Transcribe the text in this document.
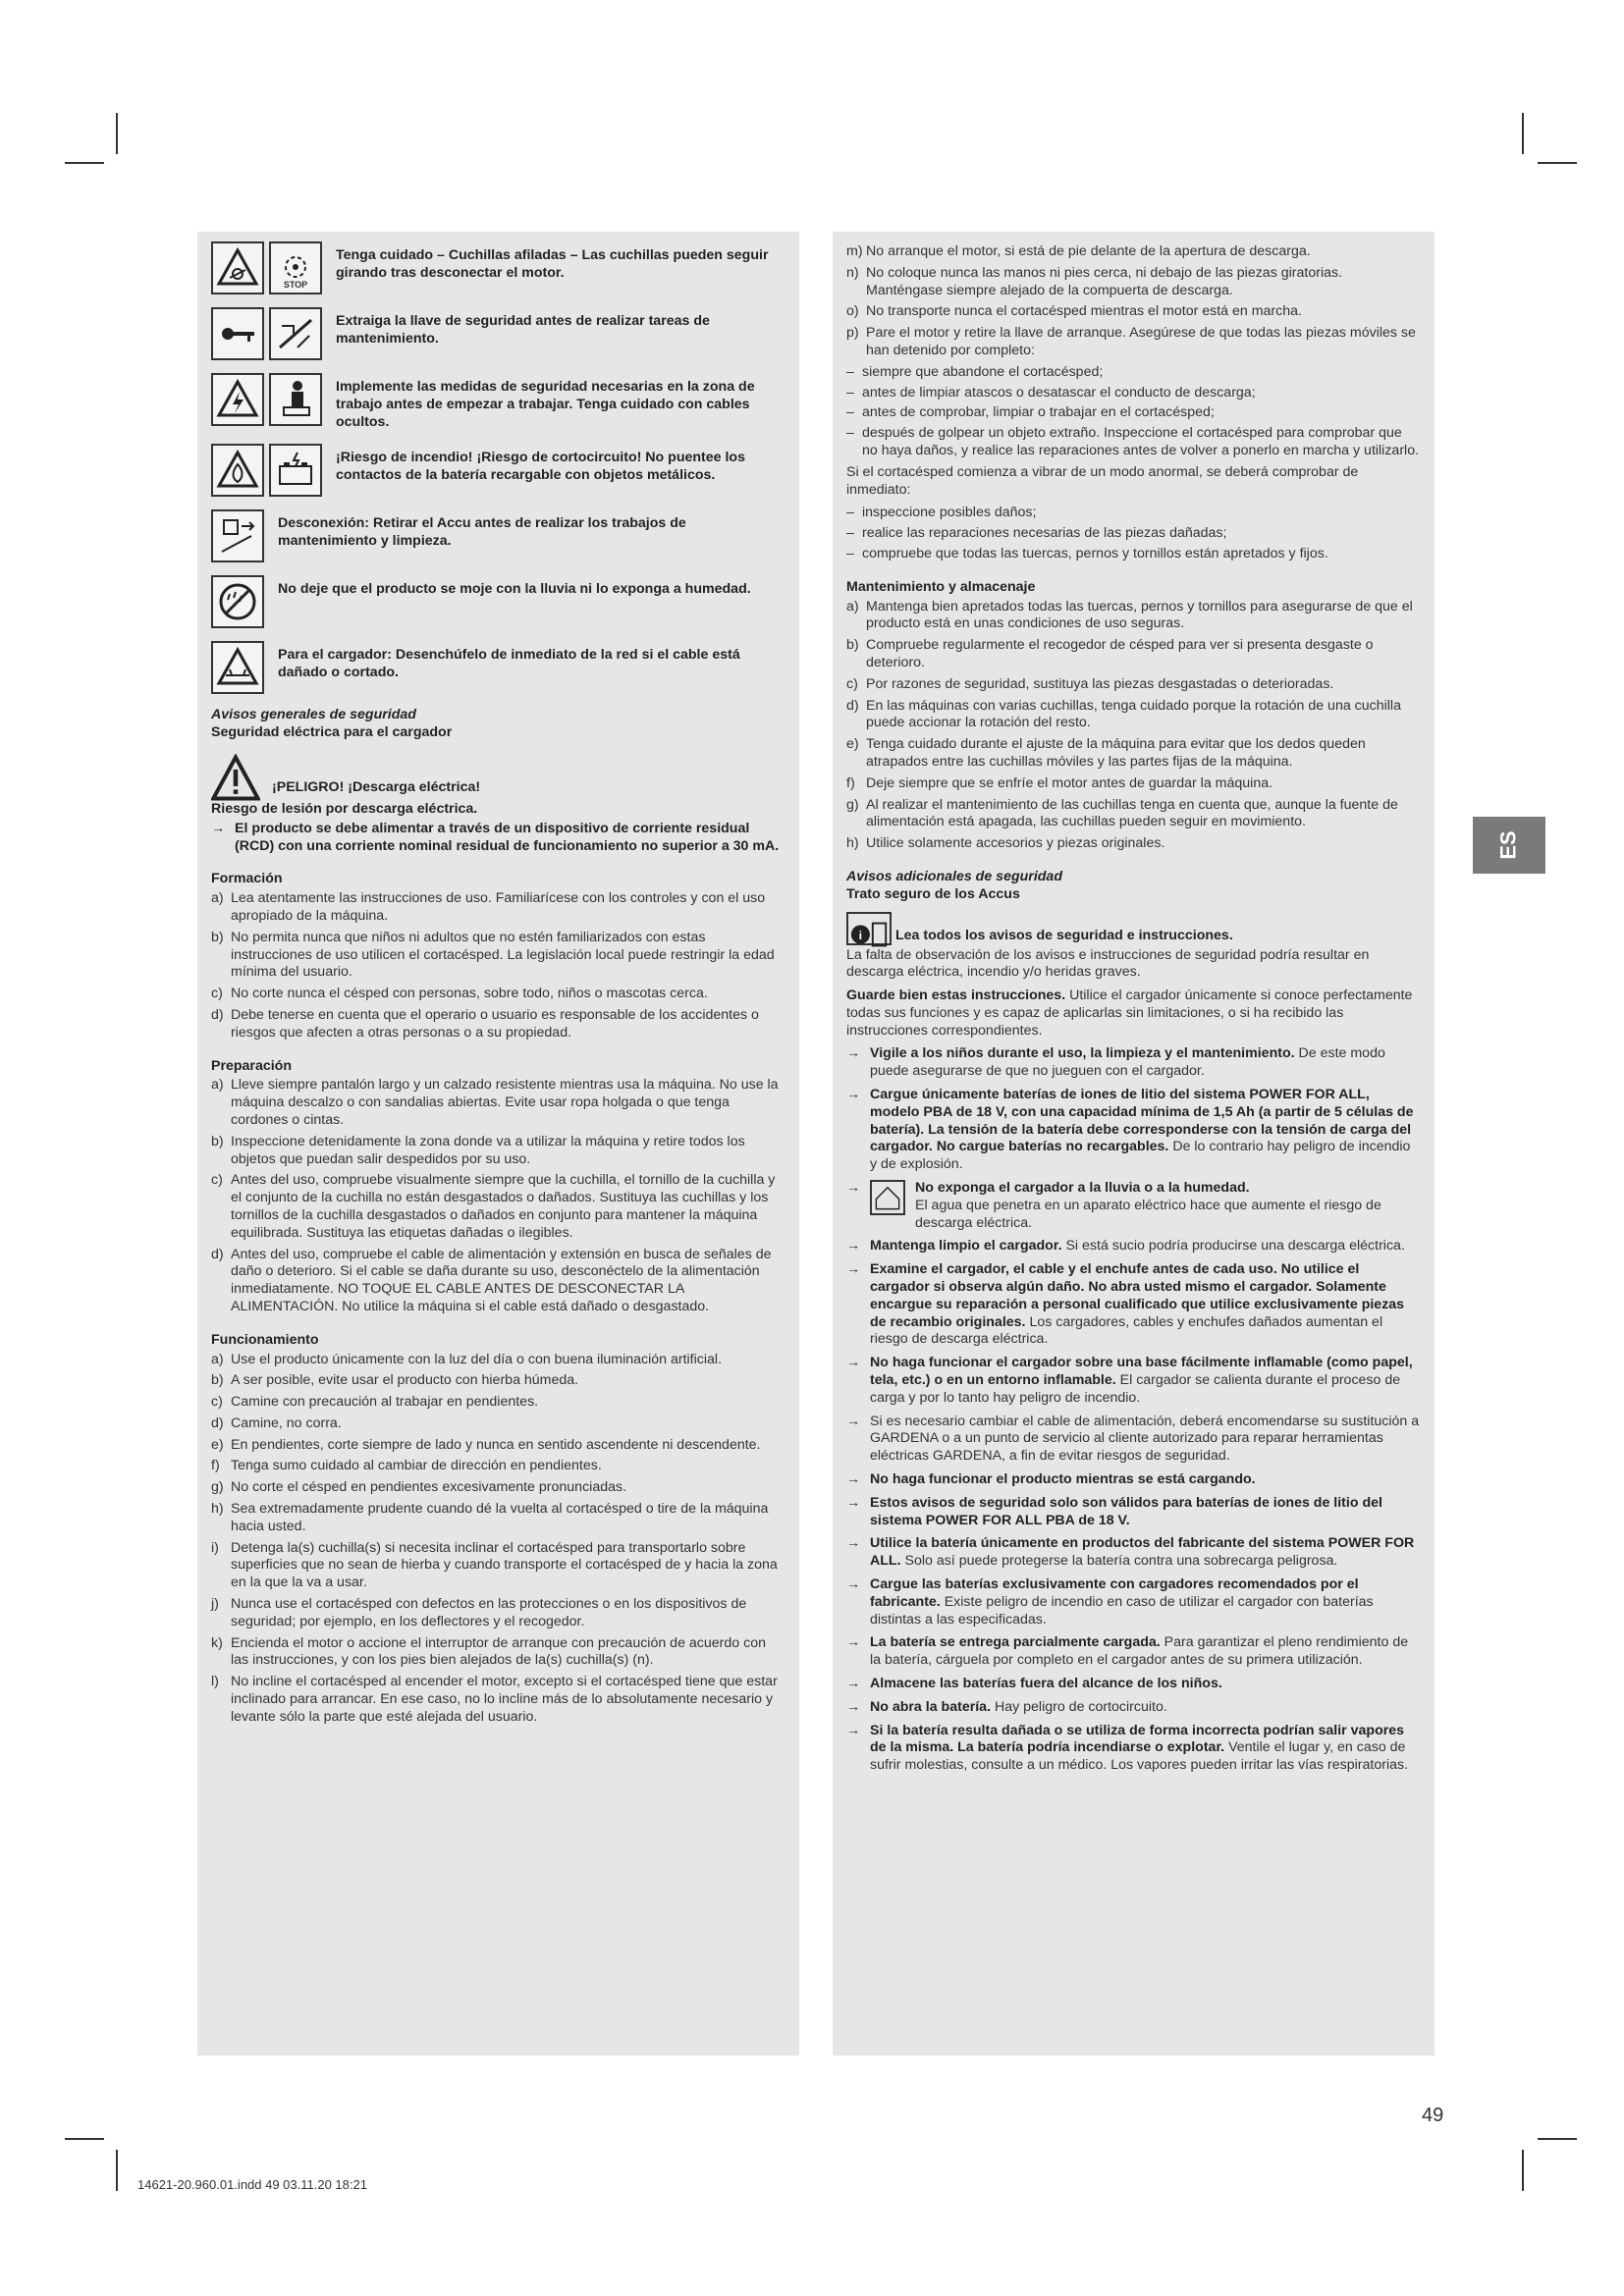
STOP
Tenga cuidado – Cuchillas afiladas – Las cuchillas pueden seguir girando tras desconectar el motor.
Extraiga la llave de seguridad antes de realizar tareas de mantenimiento.
Implemente las medidas de seguridad necesarias en la zona de trabajo antes de empezar a trabajar. Tenga cuidado con cables ocultos.
¡Riesgo de incendio! ¡Riesgo de cortocircuito! No puentee los contactos de la batería recargable con objetos metálicos.
Desconexión: Retirar el Accu antes de realizar los trabajos de mantenimiento y limpieza.
No deje que el producto se moje con la lluvia ni lo exponga a humedad.
Para el cargador: Desenchúfelo de inmediato de la red si el cable está dañado o cortado.
Avisos generales de seguridad
Seguridad eléctrica para el cargador
¡PELIGRO! ¡Descarga eléctrica!
Riesgo de lesión por descarga eléctrica.
→ El producto se debe alimentar a través de un dispositivo de corriente residual (RCD) con una corriente nominal residual de funcionamiento no superior a 30 mA.
Formación
a) Lea atentamente las instrucciones de uso. Familiarícese con los controles y con el uso apropiado de la máquina.
b) No permita nunca que niños ni adultos que no estén familiarizados con estas instrucciones de uso utilicen el cortacésped. La legislación local puede restringir la edad mínima del usuario.
c) No corte nunca el césped con personas, sobre todo, niños o mascotas cerca.
d) Debe tenerse en cuenta que el operario o usuario es responsable de los accidentes o riesgos que afecten a otras personas o a su propiedad.
Preparación
a) Lleve siempre pantalón largo y un calzado resistente mientras usa la máquina. No use la máquina descalzo o con sandalias abiertas. Evite usar ropa holgada o que tenga cordones o cintas.
b) Inspeccione detenidamente la zona donde va a utilizar la máquina y retire todos los objetos que puedan salir despedidos por su uso.
c) Antes del uso, compruebe visualmente siempre que la cuchilla, el tornillo de la cuchilla y el conjunto de la cuchilla no están desgastados o dañados. Sustituya las cuchillas y los tornillos de la cuchilla desgastados o dañados en conjunto para mantener la máquina equilibrada. Sustituya las etiquetas dañadas o ilegibles.
d) Antes del uso, compruebe el cable de alimentación y extensión en busca de señales de daño o deterioro. Si el cable se daña durante su uso, desconéctelo de la alimentación inmediatamente. NO TOQUE EL CABLE ANTES DE DESCONECTAR LA ALIMENTACIÓN. No utilice la máquina si el cable está dañado o desgastado.
Funcionamiento
a) Use el producto únicamente con la luz del día o con buena iluminación artificial.
b) A ser posible, evite usar el producto con hierba húmeda.
c) Camine con precaución al trabajar en pendientes.
d) Camine, no corra.
e) En pendientes, corte siempre de lado y nunca en sentido ascendente ni descendente.
f) Tenga sumo cuidado al cambiar de dirección en pendientes.
g) No corte el césped en pendientes excesivamente pronunciadas.
h) Sea extremadamente prudente cuando dé la vuelta al cortacésped o tire de la máquina hacia usted.
i) Detenga la(s) cuchilla(s) si necesita inclinar el cortacésped para transportarlo sobre superficies que no sean de hierba y cuando transporte el cortacésped de y hacia la zona en la que la va a usar.
j) Nunca use el cortacésped con defectos en las protecciones o en los dispositivos de seguridad; por ejemplo, en los deflectores y el recogedor.
k) Encienda el motor o accione el interruptor de arranque con precaución de acuerdo con las instrucciones, y con los pies bien alejados de la(s) cuchilla(s) (n).
l) No incline el cortacésped al encender el motor, excepto si el cortacésped tiene que estar inclinado para arrancar. En ese caso, no lo incline más de lo absolutamente necesario y levante sólo la parte que esté alejada del usuario.
m) No arranque el motor, si está de pie delante de la apertura de descarga.
n) No coloque nunca las manos ni pies cerca, ni debajo de las piezas giratorias. Manténgase siempre alejado de la compuerta de descarga.
o) No transporte nunca el cortacésped mientras el motor está en marcha.
p) Pare el motor y retire la llave de arranque. Asegúrese de que todas las piezas móviles se han detenido por completo:
– siempre que abandone el cortacésped;
– antes de limpiar atascos o desatascar el conducto de descarga;
– antes de comprobar, limpiar o trabajar en el cortacésped;
– después de golpear un objeto extraño. Inspeccione el cortacésped para comprobar que no haya daños, y realice las reparaciones antes de volver a ponerlo en marcha y utilizarlo.

Si el cortacésped comienza a vibrar de un modo anormal, se deberá comprobar de inmediato:

– inspeccione posibles daños;
– realice las reparaciones necesarias de las piezas dañadas;
– compruebe que todas las tuercas, pernos y tornillos están apretados y fijos.
Mantenimiento y almacenaje
a) Mantenga bien apretados todas las tuercas, pernos y tornillos para asegurarse de que el producto está en unas condiciones de uso seguras.
b) Compruebe regularmente el recogedor de césped para ver si presenta desgaste o deterioro.
c) Por razones de seguridad, sustituya las piezas desgastadas o deterioradas.
d) En las máquinas con varias cuchillas, tenga cuidado porque la rotación de una cuchilla puede accionar la rotación del resto.
e) Tenga cuidado durante el ajuste de la máquina para evitar que los dedos queden atrapados entre las cuchillas móviles y las partes fijas de la máquina.
f) Deje siempre que se enfríe el motor antes de guardar la máquina.
g) Al realizar el mantenimiento de las cuchillas tenga en cuenta que, aunque la fuente de alimentación está apagada, las cuchillas pueden seguir en movimiento.
h) Utilice solamente accesorios y piezas originales.
Avisos adicionales de seguridad
Trato seguro de los Accus
i Lea todos los avisos de seguridad e instrucciones.

La falta de observación de los avisos e instrucciones de seguridad podría resultar en descarga eléctrica, incendio y/o heridas graves.

Guarde bien estas instrucciones. Utilice el cargador únicamente si conoce perfectamente todas sus funciones y es capaz de aplicarlas sin limitaciones, o si ha recibido las instrucciones correspondientes.

→ Vigile a los niños durante el uso, la limpieza y el mantenimiento. De este modo puede asegurarse de que no jueguen con el cargador.
→ Cargue únicamente baterías de iones de litio del sistema POWER FOR ALL, modelo PBA de 18 V, con una capacidad mínima de 1,5 Ah (a partir de 5 células de batería). La tensión de la batería debe corresponderse con la tensión de carga del cargador. No cargue baterías no recargables. De lo contrario hay peligro de incendio y de explosión.
→	No exponga el cargador a la lluvia o a la humedad.
El agua que penetra en un aparato eléctrico hace que aumente el riesgo de descarga eléctrica.
→ Mantenga limpio el cargador. Si está sucio podría producirse una descarga eléctrica.
→ Examine el cargador, el cable y el enchufe antes de cada uso. No utilice el cargador si observa algún daño. No abra usted mismo el cargador. Solamente encargue su reparación a personal cualificado que utilice exclusivamente piezas de recambio originales. Los cargadores, cables y enchufes dañados aumentan el riesgo de descarga eléctrica.
→ No haga funcionar el cargador sobre una base fácilmente inflamable (como papel, tela, etc.) o en un entorno inflamable. El cargador se calienta durante el proceso de carga y por lo tanto hay peligro de incendio.
→ Si es necesario cambiar el cable de alimentación, deberá encomendarse su sustitución a GARDENA o a un punto de servicio al cliente autorizado para reparar herramientas eléctricas GARDENA, a fin de evitar riesgos de seguridad.
→ No haga funcionar el producto mientras se está cargando.
→ Estos avisos de seguridad solo son válidos para baterías de iones de litio del sistema POWER FOR ALL PBA de 18 V.
→ Utilice la batería únicamente en productos del fabricante del sistema POWER FOR ALL. Solo así puede protegerse la batería contra una sobrecarga peligrosa.
→ Cargue las baterías exclusivamente con cargadores recomendados por el fabricante. Existe peligro de incendio en caso de utilizar el cargador con baterías distintas a las especificadas.
→ La batería se entrega parcialmente cargada. Para garantizar el pleno rendimiento de la batería, cárguela por completo en el cargador antes de su primera utilización.
→ Almacene las baterías fuera del alcance de los niños.
→ No abra la batería. Hay peligro de cortocircuito.
→ Si la batería resulta dañada o se utiliza de forma incorrecta podrían salir vapores de la misma. La batería podría incendiarse o explotar. Ventile el lugar y, en caso de sufrir molestias, consulte a un médico. Los vapores pueden irritar las vías respiratorias.
ES
49
14621-20.960.01.indd 49 03.11.20 18:21
